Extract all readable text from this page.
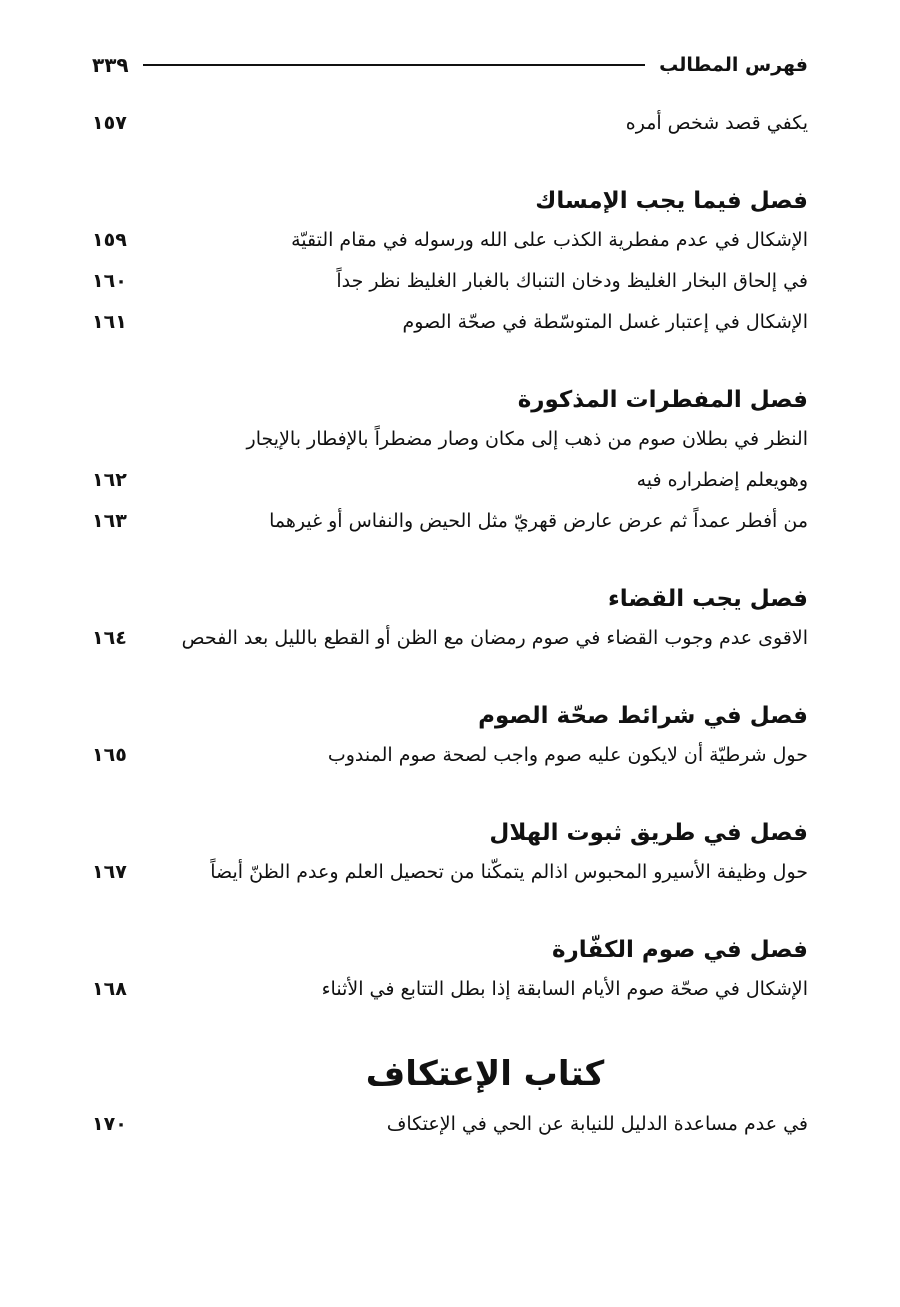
فهرس المطالب
٣٣٩
يكفي قصد شخص أمره
١٥٧
فصل فيما يجب الإمساك
الإشكال في عدم مفطرية الكذب على الله ورسوله في مقام التقيّة
١٥٩
في إلحاق البخار الغليظ ودخان التنباك بالغبار الغليظ نظر جداً
١٦٠
الإشكال في إعتبار غسل المتوسّطة في صحّة الصوم
١٦١
فصل المفطرات المذكورة
النظر في بطلان صوم من ذهب إلى مكان وصار مضطراً بالإفطار بالإيجار
وهويعلم إضطراره فيه
١٦٢
من أفطر عمداً ثم عرض عارض قهريّ مثل الحيض والنفاس أو غيرهما
١٦٣
فصل يجب القضاء
الاقوى عدم وجوب القضاء في صوم رمضان مع الظن أو القطع بالليل بعد الفحص
١٦٤
فصل في شرائط صحّة الصوم
حول شرطيّة أن لايكون عليه صوم واجب لصحة صوم المندوب
١٦٥
فصل في طريق ثبوت الهلال
حول وظيفة الأسيرو المحبوس اذالم يتمكّنا من تحصيل العلم وعدم الظنّ أيضاً
١٦٧
فصل في صوم الكفّارة
الإشكال في صحّة صوم الأيام السابقة إذا بطل التتابع في الأثناء
١٦٨
كتاب الإعتكاف
في عدم مساعدة الدليل للنيابة عن الحي في الإعتكاف
١٧٠
